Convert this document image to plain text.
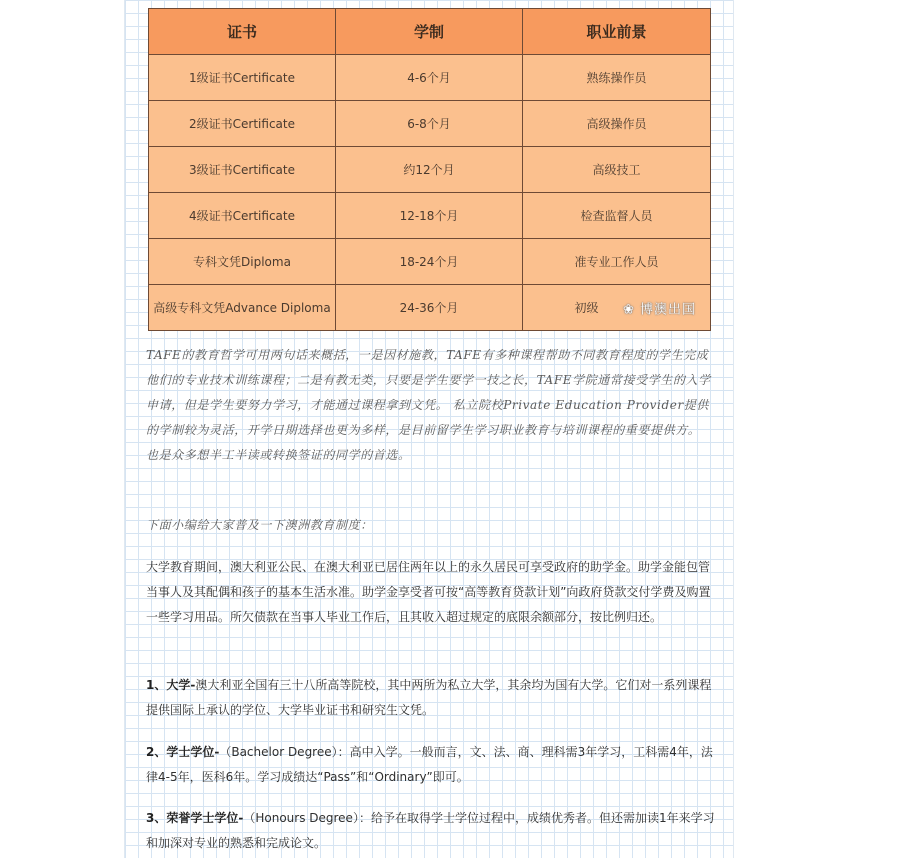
证书	学制	职业前景
1级证书Certificate	4-6个月	熟练操作员
2级证书Certificate	6-8个月	高级操作员
3级证书Certificate	约12个月	高级技工
4级证书Certificate	12-18个月	检查监督人员
专科文凭Diploma	18-24个月	准专业工作人员
高级专科文凭Advance Diploma	24-36个月	初级 ❀ 博澳出国

TAFE的教育哲学可用两句话来概括，一是因材施教，TAFE有多种课程帮助不同教育程度的学生完成他们的专业技术训练课程；二是有教无类，只要是学生要学一技之长，TAFE学院通常接受学生的入学申请，但是学生要努力学习，才能通过课程拿到文凭。 私立院校Private Education Provider提供的学制较为灵活，开学日期选择也更为多样，是目前留学生学习职业教育与培训课程的重要提供方。也是众多想半工半读或转换签证的同学的首选。

下面小编给大家普及一下澳洲教育制度：

大学教育期间，澳大利亚公民、在澳大利亚已居住两年以上的永久居民可享受政府的助学金。助学金能包管当事人及其配偶和孩子的基本生活水准。助学金享受者可按“高等教育贷款计划”向政府贷款交付学费及购置一些学习用品。所欠债款在当事人毕业工作后，且其收入超过规定的底限余额部分，按比例归还。

1、大学-澳大利亚全国有三十八所高等院校，其中两所为私立大学，其余均为国有大学。它们对一系列课程提供国际上承认的学位、大学毕业证书和研究生文凭。

2、学士学位-（Bachelor Degree）：高中入学。一般而言，文、法、商、理科需3年学习，工科需4年，法律4-5年，医科6年。学习成绩达“Pass”和“Ordinary”即可。

3、荣誉学士学位-（Honours Degree）：给予在取得学士学位过程中，成绩优秀者。但还需加读1年来学习和加深对专业的熟悉和完成论文。
